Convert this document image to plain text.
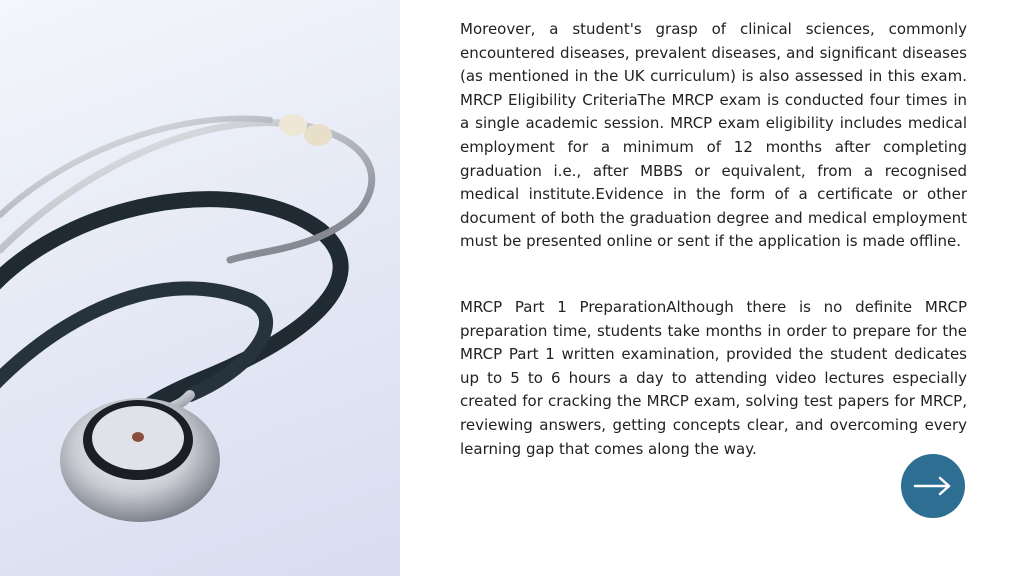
Moreover, a student's grasp of clinical sciences, commonly encountered diseases, prevalent diseases, and significant diseases (as mentioned in the UK curriculum) is also assessed in this exam. MRCP Eligibility CriteriaThe MRCP exam is conducted four times in a single academic session. MRCP exam eligibility includes medical employment for a minimum of 12 months after completing graduation i.e., after MBBS or equivalent, from a recognised medical institute.Evidence in the form of a certificate or other document of both the graduation degree and medical employment must be presented online or sent if the application is made offline.

MRCP Part 1 PreparationAlthough there is no definite MRCP preparation time, students take months in order to prepare for the MRCP Part 1 written examination, provided the student dedicates up to 5 to 6 hours a day to attending video lectures especially created for cracking the MRCP exam, solving test papers for MRCP, reviewing answers, getting concepts clear, and overcoming every learning gap that comes along the way.
